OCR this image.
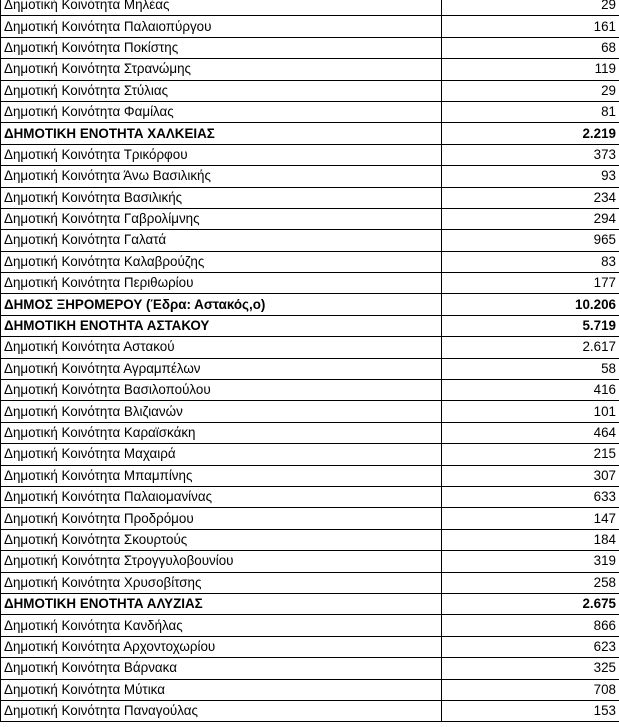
Δημοτική Κοινότητα Μηλέας	29
Δημοτική Κοινότητα Παλαιοπύργου	161
Δημοτική Κοινότητα Ποκίστης	68
Δημοτική Κοινότητα Στρανώμης	119
Δημοτική Κοινότητα Στύλιας	29
Δημοτική Κοινότητα Φαμίλας	81
ΔΗΜΟΤΙΚΗ ΕΝΟΤΗΤΑ ΧΑΛΚΕΙΑΣ	2.219
Δημοτική Κοινότητα Τρικόρφου	373
Δημοτική Κοινότητα Άνω Βασιλικής	93
Δημοτική Κοινότητα Βασιλικής	234
Δημοτική Κοινότητα Γαβρολίμνης	294
Δημοτική Κοινότητα Γαλατά	965
Δημοτική Κοινότητα Καλαβρούζης	83
Δημοτική Κοινότητα Περιθωρίου	177
ΔΗΜΟΣ ΞΗΡΟΜΕΡΟΥ (Έδρα: Αστακός,ο)	10.206
ΔΗΜΟΤΙΚΗ ΕΝΟΤΗΤΑ ΑΣΤΑΚΟΥ	5.719
Δημοτική Κοινότητα Αστακού	2.617
Δημοτική Κοινότητα Αγραμπέλων	58
Δημοτική Κοινότητα Βασιλοπούλου	416
Δημοτική Κοινότητα Βλιζιανών	101
Δημοτική Κοινότητα Καραϊσκάκη	464
Δημοτική Κοινότητα Μαχαιρά	215
Δημοτική Κοινότητα Μπαμπίνης	307
Δημοτική Κοινότητα Παλαιομανίνας	633
Δημοτική Κοινότητα Προδρόμου	147
Δημοτική Κοινότητα Σκουρτούς	184
Δημοτική Κοινότητα Στρογγυλοβουνίου	319
Δημοτική Κοινότητα Χρυσοβίτσης	258
ΔΗΜΟΤΙΚΗ ΕΝΟΤΗΤΑ ΑΛΥΖΙΑΣ	2.675
Δημοτική Κοινότητα Κανδήλας	866
Δημοτική Κοινότητα Αρχοντοχωρίου	623
Δημοτική Κοινότητα Βάρνακα	325
Δημοτική Κοινότητα Μύτικα	708
Δημοτική Κοινότητα Παναγούλας	153
